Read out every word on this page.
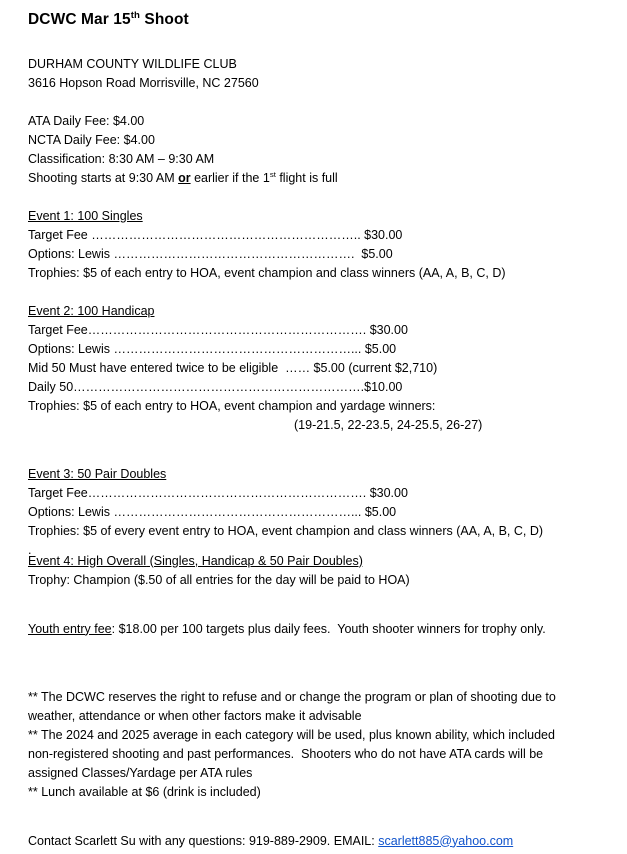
DCWC Mar 15th Shoot
DURHAM COUNTY WILDLIFE CLUB
3616 Hopson Road Morrisville, NC 27560
ATA Daily Fee: $4.00
NCTA Daily Fee: $4.00
Classification: 8:30 AM – 9:30 AM
Shooting starts at 9:30 AM or earlier if the 1st flight is full
Event 1: 100 Singles
Target Fee ……………………………………………………….. $30.00
Options: Lewis ………………………………………………….  $5.00
Trophies: $5 of each entry to HOA, event champion and class winners (AA, A, B, C, D)
Event 2: 100 Handicap
Target Fee…………………………………………………………. $30.00
Options: Lewis …………………………………………………... $5.00
Mid 50 Must have entered twice to be eligible  …… $5.00 (current $2,710)
Daily 50…………………………………………………………….$10.00
Trophies: $5 of each entry to HOA, event champion and yardage winners:
(19-21.5, 22-23.5, 24-25.5, 26-27)
Event 3: 50 Pair Doubles
Target Fee…………………………………………………………. $30.00
Options: Lewis …………………………………………………... $5.00
Trophies: $5 of every event entry to HOA, event champion and class winners (AA, A, B, C, D)
.
Event 4: High Overall (Singles, Handicap & 50 Pair Doubles)
Trophy: Champion ($.50 of all entries for the day will be paid to HOA)
Youth entry fee: $18.00 per 100 targets plus daily fees.  Youth shooter winners for trophy only.
** The DCWC reserves the right to refuse and or change the program or plan of shooting due to
weather, attendance or when other factors make it advisable
** The 2024 and 2025 average in each category will be used, plus known ability, which included
non-registered shooting and past performances.  Shooters who do not have ATA cards will be
assigned Classes/Yardage per ATA rules
** Lunch available at $6 (drink is included)
Contact Scarlett Su with any questions: 919-889-2909. EMAIL: scarlett885@yahoo.com
